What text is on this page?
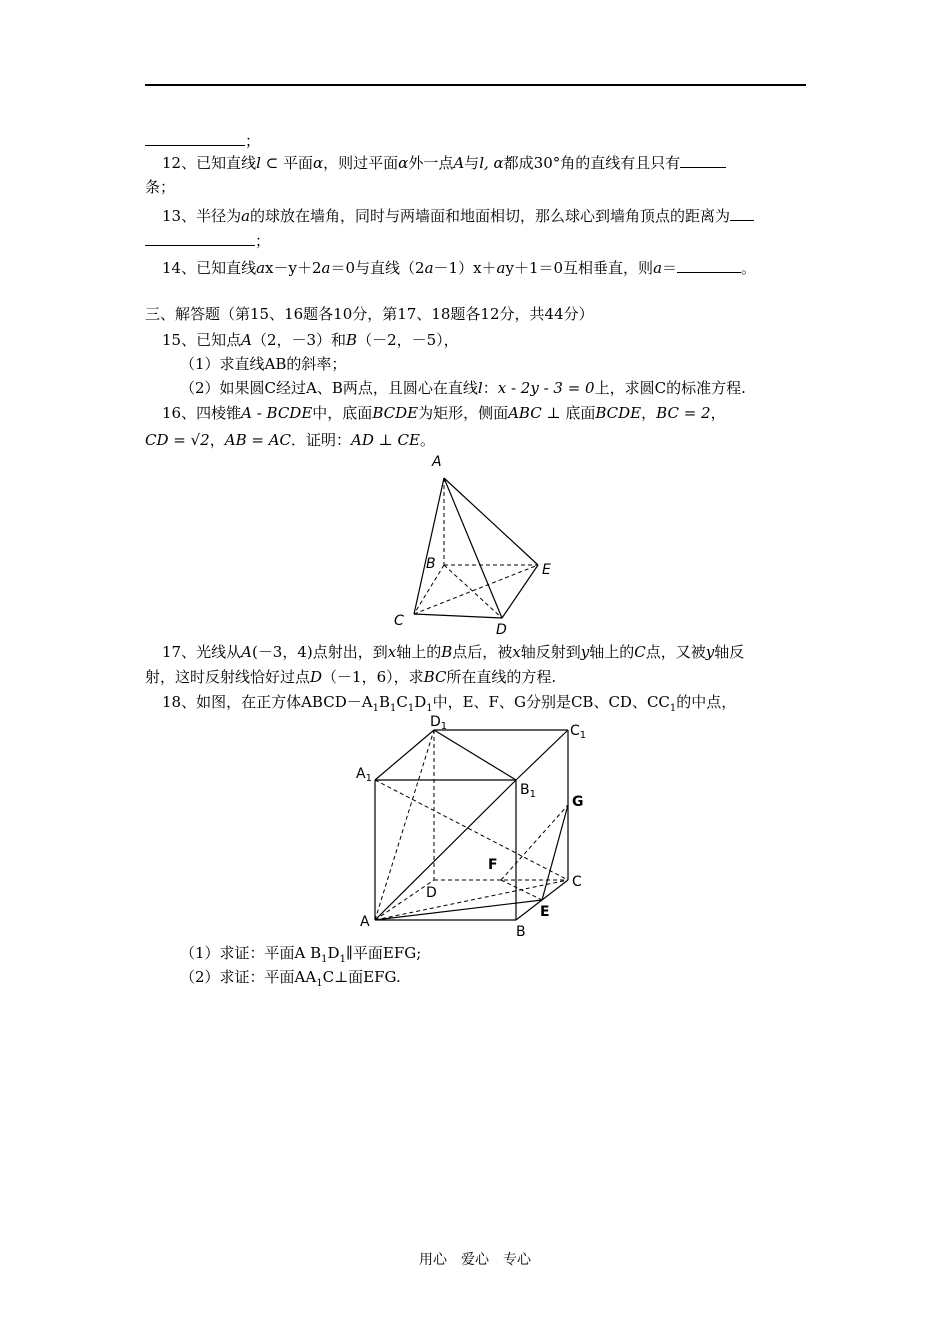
；
12、已知直线l ⊂ 平面α，则过平面α外一点A与l, α都成30°角的直线有且只有
条；
13、半径为a的球放在墙角，同时与两墙面和地面相切，那么球心到墙角顶点的距离为
；
14、已知直线ax－y＋2a＝0与直线（2a－1）x＋ay＋1＝0互相垂直，则a＝	。
三、解答题（第15、16题各10分，第17、18题各12分，共44分）
15、已知点A（2，－3）和B（－2，－5），
（1）求直线AB的斜率；
（2）如果圆C经过A、B两点，且圆心在直线l：x - 2y - 3 = 0上，求圆C的标准方程.
16、四棱锥A - BCDE中，底面BCDE为矩形，侧面ABC ⊥ 底面BCDE，BC = 2，
CD = √2，AB = AC．证明：AD ⊥ CE。
A
B
C
D
E
17、光线从A(－3，4)点射出，到x轴上的B点后，被x轴反射到y轴上的C点，又被y轴反
射，这时反射线恰好过点D（－1，6），求BC所在直线的方程.
18、如图，在正方体$ABCD-A_1B_1C_1D_1$中，E、F、G分别是CB、CD、$CC_1$的中点，
$A_1$
$B_1$
$C_1$
$D_1$
A
B
C
D
E
F
G
（1）求证：平面A $B_1D_1\parallel$平面EFG;
（2）求证：平面$AA_1C\perp$面EFG.
用心　爱心　专心
